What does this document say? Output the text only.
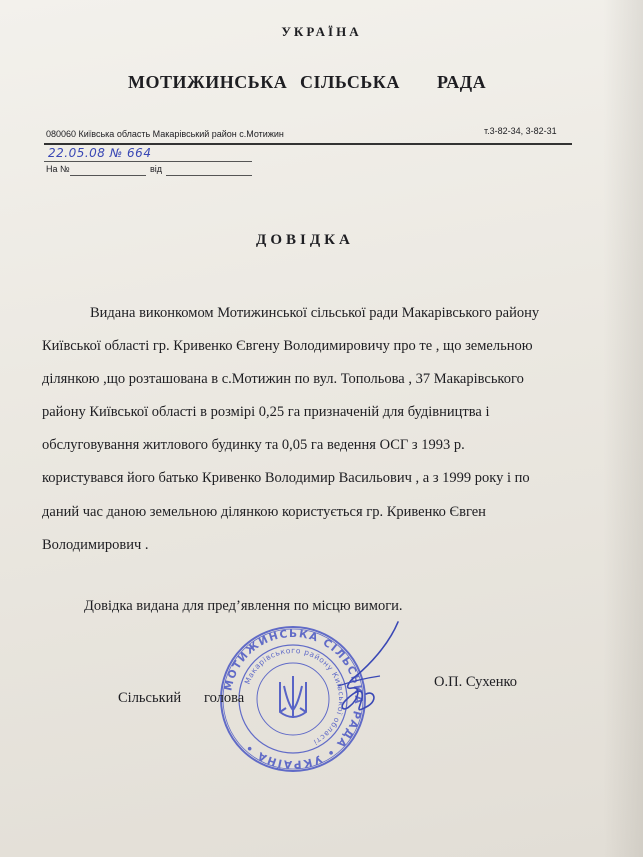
УКРАЇНА
МОТИЖИНСЬКА СІЛЬСЬКА РАДА
080060 Київська область Макарівський район с.Мотижин	т.3-82-34, 3-82-31
22.05.08 № 664
На №	від
ДОВІДКА
Видана виконкомом Мотижинської сільської ради Макарівського району
Київської області гр. Кривенко Євгену Володимировичу про те , що земельною
ділянкою ,що розташована в с.Мотижин по вул. Топольова , 37 Макарівського
району Київської області в розмірі 0,25 га призначеній для будівництва і
обслуговування житлового будинку та 0,05 га ведення ОСГ з 1993 р.
користувався його батько Кривенко Володимир Васильович , а з 1999 року і по
даний час даною земельною ділянкою користується гр. Кривенко Євген
Володимирович .
Довідка видана для пред’явлення по місцю вимоги.
МОТИЖИНСЬКА СІЛЬСЬКА РАДА • УКРАЇНА •
Макарівського району Київської області
Сільський голова
О.П. Сухенко
